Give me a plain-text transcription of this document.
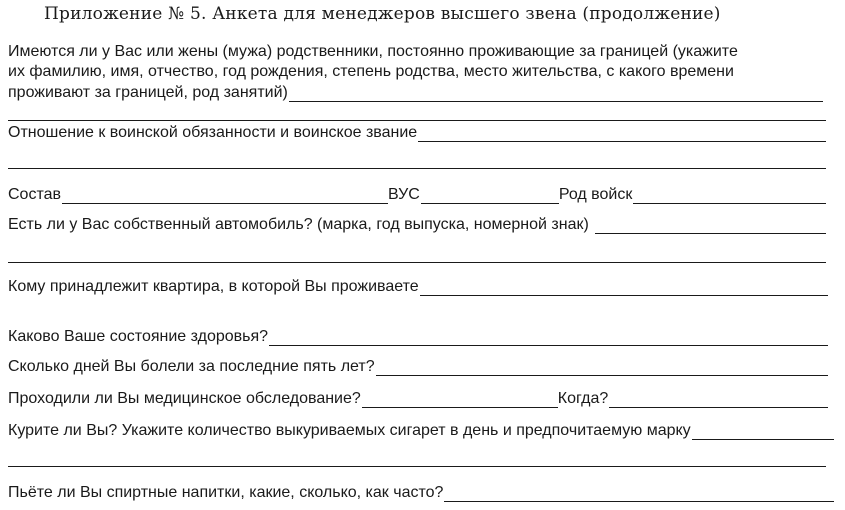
Приложение № 5. Анкета для менеджеров высшего звена (продолжение)
Имеются ли у Вас или жены (мужа) родственники, постоянно проживающие за границей (укажите
их фамилию, имя, отчество, год рождения, степень родства, место жительства, с какого времени
проживают за границей, род занятий)
Отношение к воинской обязанности и воинское звание
Состав	ВУС	Род войск
Есть ли у Вас собственный автомобиль? (марка, год выпуска, номерной знак)
Кому принадлежит квартира, в которой Вы проживаете
Каково Ваше состояние здоровья?
Сколько дней Вы болели за последние пять лет?
Проходили ли Вы медицинское обследование?	Когда?
Курите ли Вы? Укажите количество выкуриваемых сигарет в день и предпочитаемую марку
Пьёте ли Вы спиртные напитки, какие, сколько, как часто?
